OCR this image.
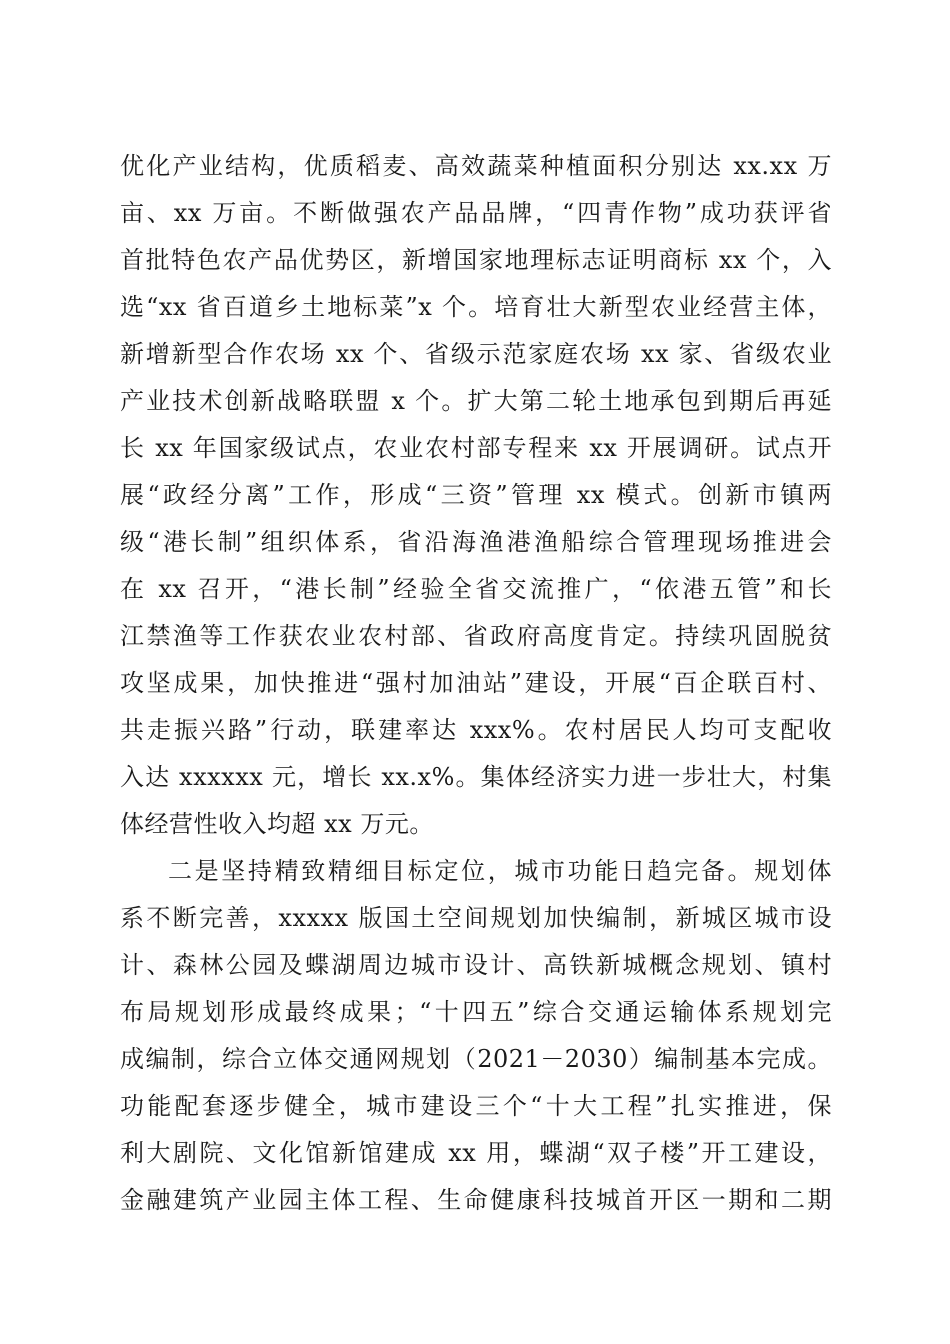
优化产业结构，优质稻麦、高效蔬菜种植面积分别达 xx.xx 万
亩、xx 万亩。不断做强农产品品牌，“四青作物”成功获评省
首批特色农产品优势区，新增国家地理标志证明商标 xx 个，入
选“xx 省百道乡土地标菜”x 个。培育壮大新型农业经营主体，
新增新型合作农场 xx 个、省级示范家庭农场 xx 家、省级农业
产业技术创新战略联盟 x 个。扩大第二轮土地承包到期后再延
长 xx 年国家级试点，农业农村部专程来 xx 开展调研。试点开
展“政经分离”工作，形成“三资”管理 xx 模式。创新市镇两
级“港长制”组织体系，省沿海渔港渔船综合管理现场推进会
在 xx 召开，“港长制”经验全省交流推广，“依港五管”和长
江禁渔等工作获农业农村部、省政府高度肯定。持续巩固脱贫
攻坚成果，加快推进“强村加油站”建设，开展“百企联百村、
共走振兴路”行动，联建率达 xxx%。农村居民人均可支配收
入达 xxxxxx 元，增长 xx.x%。集体经济实力进一步壮大，村集
体经营性收入均超 xx 万元。
二是坚持精致精细目标定位，城市功能日趋完备。规划体
系不断完善，xxxxx 版国土空间规划加快编制，新城区城市设
计、森林公园及蝶湖周边城市设计、高铁新城概念规划、镇村
布局规划形成最终成果；“十四五”综合交通运输体系规划完
成编制，综合立体交通网规划（2021－2030）编制基本完成。
功能配套逐步健全，城市建设三个“十大工程”扎实推进，保
利大剧院、文化馆新馆建成 xx 用，蝶湖“双子楼”开工建设，
金融建筑产业园主体工程、生命健康科技城首开区一期和二期
